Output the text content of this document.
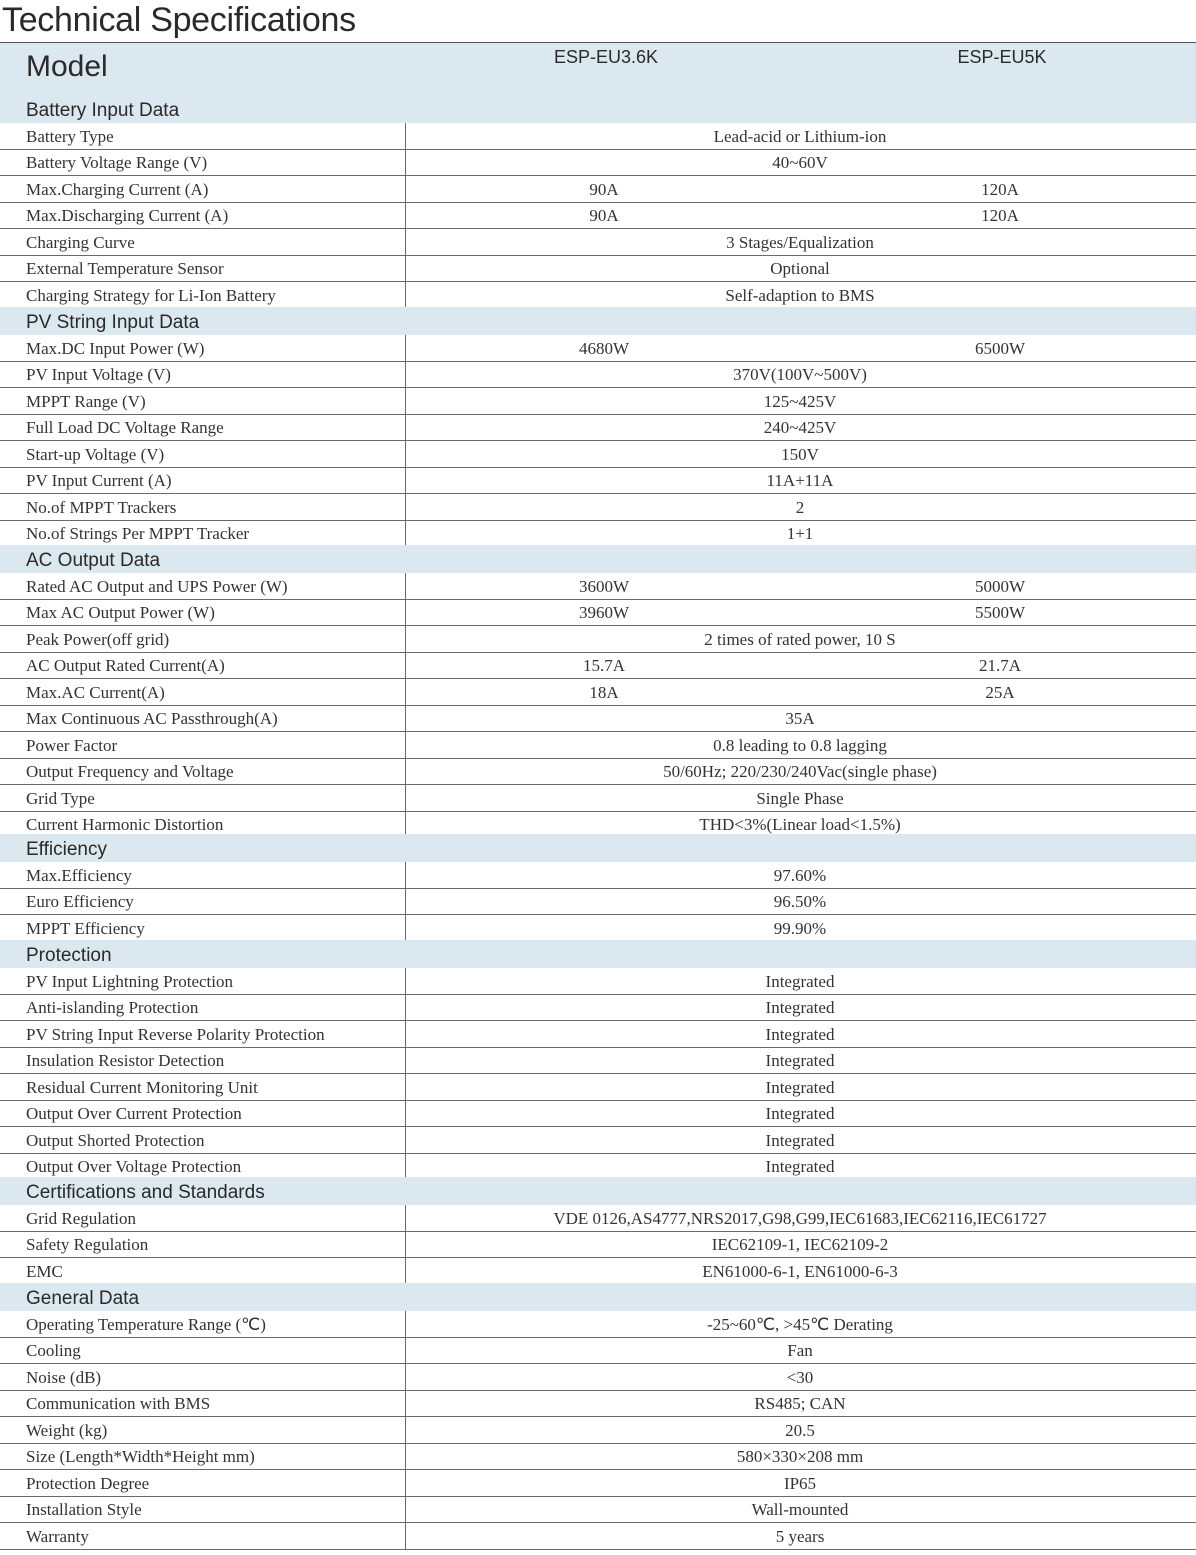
Technical Specifications
Model	ESP-EU3.6K	ESP-EU5K
Battery Input Data
Battery Type	Lead-acid or Lithium-ion
Battery Voltage Range (V)	40~60V
Max.Charging Current (A)	90A	120A
Max.Discharging Current (A)	90A	120A
Charging Curve	3 Stages/Equalization
External Temperature Sensor	Optional
Charging Strategy for Li-Ion Battery	Self-adaption to BMS
PV String Input Data
Max.DC Input Power (W)	4680W	6500W
PV Input Voltage (V)	370V(100V~500V)
MPPT Range (V)	125~425V
Full Load DC Voltage Range	240~425V
Start-up Voltage (V)	150V
PV Input Current (A)	11A+11A
No.of MPPT Trackers	2
No.of Strings Per MPPT Tracker	1+1
AC Output Data
Rated AC Output and UPS Power (W)	3600W	5000W
Max AC Output Power (W)	3960W	5500W
Peak Power(off grid)	2 times of rated power, 10 S
AC Output Rated Current(A)	15.7A	21.7A
Max.AC Current(A)	18A	25A
Max Continuous AC Passthrough(A)	35A
Power Factor	0.8 leading to 0.8 lagging
Output Frequency and Voltage	50/60Hz; 220/230/240Vac(single phase)
Grid Type	Single Phase
Current Harmonic Distortion	THD<3%(Linear load<1.5%)
Efficiency
Max.Efficiency	97.60%
Euro Efficiency	96.50%
MPPT Efficiency	99.90%
Protection
PV Input Lightning Protection	Integrated
Anti-islanding Protection	Integrated
PV String Input Reverse Polarity Protection	Integrated
Insulation Resistor Detection	Integrated
Residual Current Monitoring Unit	Integrated
Output Over Current Protection	Integrated
Output Shorted Protection	Integrated
Output Over Voltage Protection	Integrated
Certifications and Standards
Grid Regulation	VDE 0126,AS4777,NRS2017,G98,G99,IEC61683,IEC62116,IEC61727
Safety Regulation	IEC62109-1, IEC62109-2
EMC	EN61000-6-1, EN61000-6-3
General Data
Operating Temperature Range (℃)	-25~60℃, >45℃ Derating
Cooling	Fan
Noise (dB)	<30
Communication with BMS	RS485; CAN
Weight (kg)	20.5
Size (Length*Width*Height mm)	580×330×208 mm
Protection Degree	IP65
Installation Style	Wall-mounted
Warranty	5 years
